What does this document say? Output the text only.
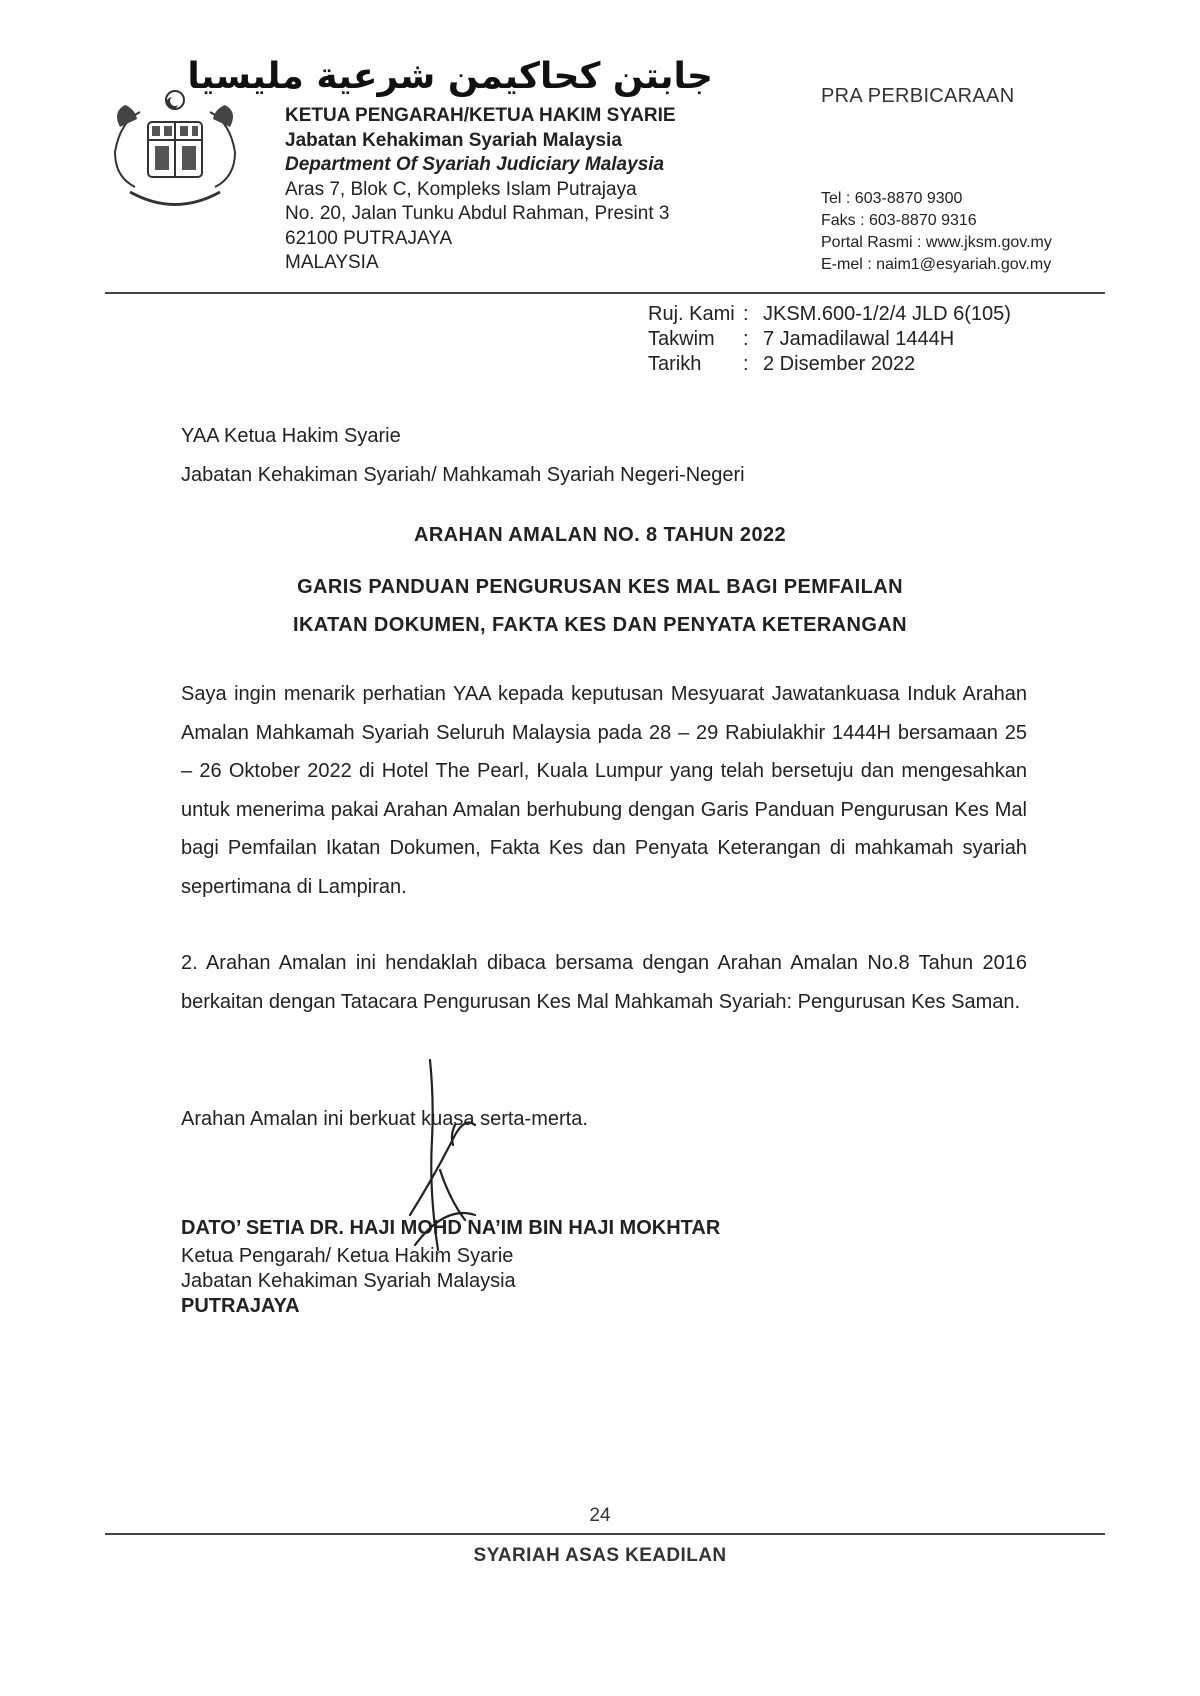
جابتن كحاكيمن شرعية مليسيا
KETUA PENGARAH/KETUA HAKIM SYARIE
Jabatan Kehakiman Syariah Malaysia
Department Of Syariah Judiciary Malaysia
Aras 7, Blok C, Kompleks Islam Putrajaya
No. 20, Jalan Tunku Abdul Rahman, Presint 3
62100 PUTRAJAYA
MALAYSIA
PRA PERBICARAAN
Tel : 603-8870 9300
Faks : 603-8870 9316
Portal Rasmi : www.jksm.gov.my
E-mel : naim1@esyariah.gov.my
Ruj. Kami : JKSM.600-1/2/4 JLD 6(105)
Takwim	: 7 Jamadilawal 1444H
Tarikh	: 2 Disember 2022
YAA Ketua Hakim Syarie
Jabatan Kehakiman Syariah/ Mahkamah Syariah Negeri-Negeri
ARAHAN AMALAN NO. 8 TAHUN 2022
GARIS PANDUAN PENGURUSAN KES MAL BAGI PEMFAILAN
IKATAN DOKUMEN, FAKTA KES DAN PENYATA KETERANGAN
Saya ingin menarik perhatian YAA kepada keputusan Mesyuarat Jawatankuasa Induk Arahan Amalan Mahkamah Syariah Seluruh Malaysia pada 28 – 29 Rabiulakhir 1444H bersamaan 25 – 26 Oktober 2022 di Hotel The Pearl, Kuala Lumpur yang telah bersetuju dan mengesahkan untuk menerima pakai Arahan Amalan berhubung dengan Garis Panduan Pengurusan Kes Mal bagi Pemfailan Ikatan Dokumen, Fakta Kes dan Penyata Keterangan di mahkamah syariah sepertimana di Lampiran.
2. Arahan Amalan ini hendaklah dibaca bersama dengan Arahan Amalan No.8 Tahun 2016 berkaitan dengan Tatacara Pengurusan Kes Mal Mahkamah Syariah: Pengurusan Kes Saman.
Arahan Amalan ini berkuat kuasa serta-merta.
DATO’ SETIA DR. HAJI MOHD NA’IM BIN HAJI MOKHTAR
Ketua Pengarah/ Ketua Hakim Syarie
Jabatan Kehakiman Syariah Malaysia
PUTRAJAYA
24
SYARIAH ASAS KEADILAN
